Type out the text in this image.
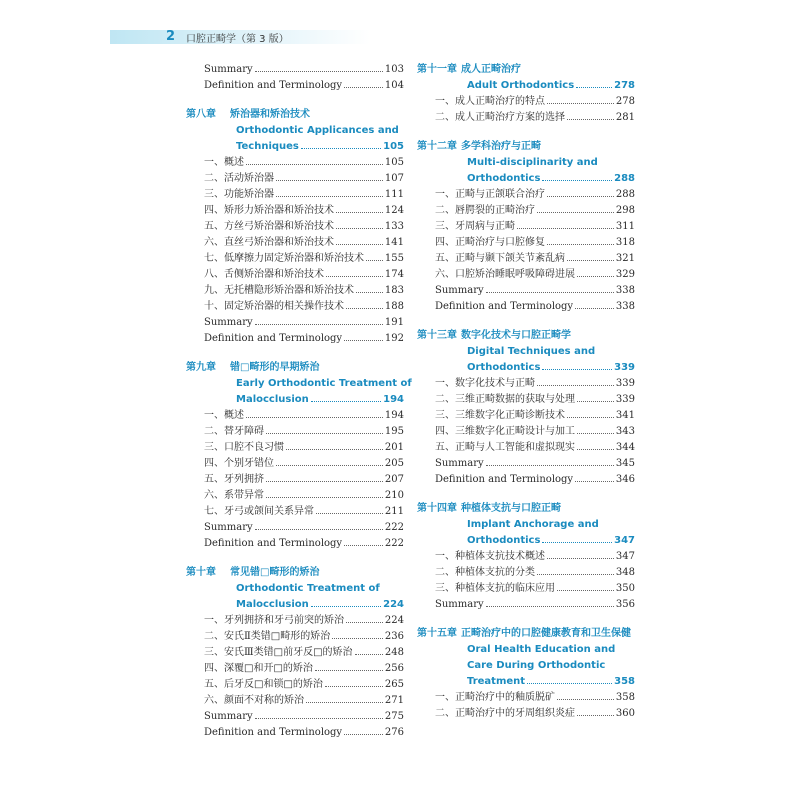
2 口腔正畸学（第 3 版）
Summary	103
Definition and Terminology	104
第八章	矫治器和矫治技术
Orthodontic Applicances and
Techniques	105
一、概述	105
二、活动矫治器	107
三、功能矫治器	111
四、矫形力矫治器和矫治技术	124
五、方丝弓矫治器和矫治技术	133
六、直丝弓矫治器和矫治技术	141
七、低摩擦力固定矫治器和矫治技术 155
八、舌侧矫治器和矫治技术	174
九、无托槽隐形矫治器和矫治技术	183
十、固定矫治器的相关操作技术	188
Summary	191
Definition and Terminology	192
第九章	错□畸形的早期矫治
Early Orthodontic Treatment of
Malocclusion	194
一、概述	194
二、替牙障碍	195
三、口腔不良习惯	201
四、个别牙错位	205
五、牙列拥挤	207
六、系带异常	210
七、牙弓或颌间关系异常	211
Summary	222
Definition and Terminology	222
第十章	常见错□畸形的矫治
Orthodontic Treatment of
Malocclusion	224
一、牙列拥挤和牙弓前突的矫治	224
二、安氏Ⅱ类错□畸形的矫治	236
三、安氏Ⅲ类错□前牙反□的矫治	248
四、深覆□和开□的矫治	256
五、后牙反□和锁□的矫治	265
六、颜面不对称的矫治	271
Summary	275
Definition and Terminology	276
第十一章 成人正畸治疗
Adult Orthodontics	278
一、成人正畸治疗的特点	278
二、成人正畸治疗方案的选择	281
第十二章 多学科治疗与正畸
Multi-disciplinarity and
Orthodontics	288
一、正畸与正颌联合治疗	288
二、唇腭裂的正畸治疗	298
三、牙周病与正畸	311
四、正畸治疗与口腔修复	318
五、正畸与颞下颌关节紊乱病	321
六、口腔矫治睡眠呼吸障碍进展	329
Summary	338
Definition and Terminology	338
第十三章 数字化技术与口腔正畸学
Digital Techniques and
Orthodontics	339
一、数字化技术与正畸	339
二、三维正畸数据的获取与处理	339
三、三维数字化正畸诊断技术	341
四、三维数字化正畸设计与加工	343
五、正畸与人工智能和虚拟现实	344
Summary	345
Definition and Terminology	346
第十四章 种植体支抗与口腔正畸
Implant Anchorage and
Orthodontics	347
一、种植体支抗技术概述	347
二、种植体支抗的分类	348
三、种植体支抗的临床应用	350
Summary	356
第十五章 正畸治疗中的口腔健康教育和卫生保健
Oral Health Education and
Care During Orthodontic
Treatment	358
一、正畸治疗中的釉质脱矿	358
二、正畸治疗中的牙周组织炎症	360
